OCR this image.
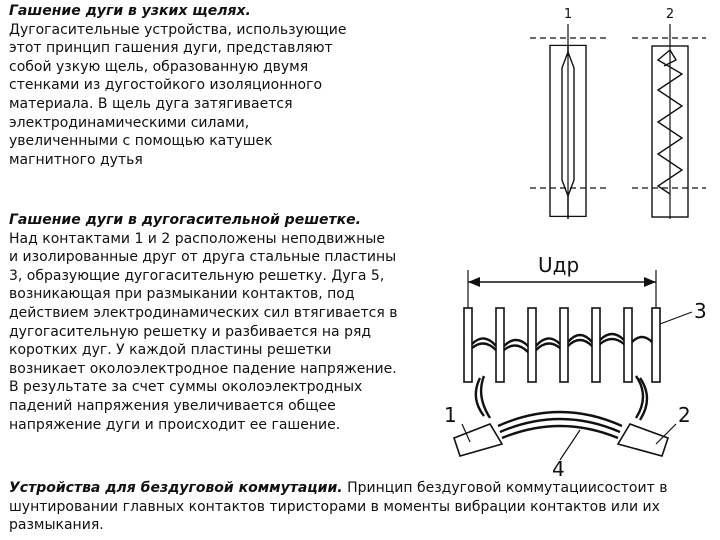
Гашение дуги в узких щелях.
Дугогасительные устройства, использующие
этот принцип гашения дуги, представляют
собой узкую щель, образованную двумя
стенками из дугостойкого изоляционного
материала. В щель дуга затягивается
электродинамическими силами,
увеличенными с помощью катушек
магнитного дутья
Гашение дуги в дугогасительной решетке.
Над контактами 1 и 2 расположены неподвижные
и изолированные друг от друга стальные пластины
3, образующие дугогасительную решетку. Дуга 5,
возникающая при размыкании контактов, под
действием электродинамических сил втягивается в
дугогасительную решетку и разбивается на ряд
коротких дуг. У каждой пластины решетки
возникает околоэлектродное падение напряжение.
В результате за счет суммы околоэлектродных
падений напряжения увеличивается общее
напряжение дуги и происходит ее гашение.
Устройства для бездуговой коммутации. Принцип бездуговой коммутациисостоит в шунтировании главных контактов тиристорами в моменты вибрации контактов или их размыкания.
1	2
Uдр
3
1	2
4
